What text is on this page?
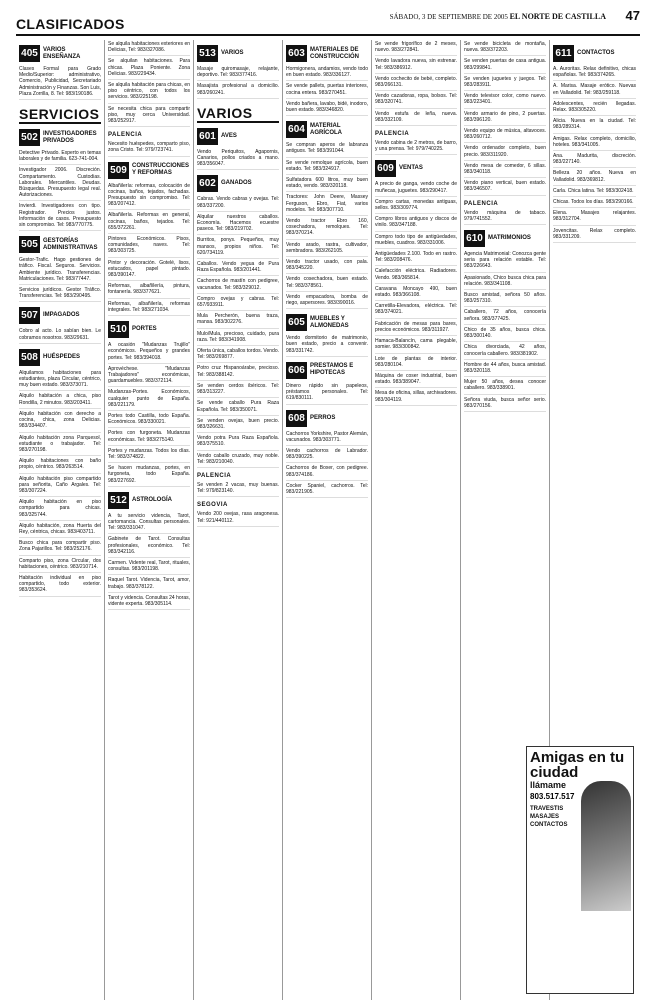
CLASIFICADOS	SÁBADO, 3 DE SEPTIEMBRE DE 2005 EL NORTE DE CASTILLA 47
405 VARIOS ENSEÑANZA
Clases Formal para Grado Medio/Superior: administrativo, Comercio, Publicidad, Secretariado Administración y Finanzas. Son Luis, Plaza Zorrilla, 8. Tel: 983/190186.
SERVICIOS
502 INVESTIGADORES PRIVADOS
Detective Privado. Experto en temas laborales y de familia. 623-741-004.
Investigador 2006. Discreción. Compartamento. Custodias. Laborales. Mercantiles. Deudas. Búsquedas. Presupuesto legal real. Autorizaciones.
Invierdi. Investigadores con tipo. Registrador. Precios justos. Información de casos. Presupuesto sin compromiso. Tel: 983/770775.
505 GESTORÍAS ADMINISTRATIVAS
Gestor-Trafic. Hago gestiones de tráfico. Fiscal. Seguros. Servicios. Ambiente jurídico. Transferencias. Matriculaciones. Tel: 983/77447.
Servicios jurídicos. Gestor Tráfico. Transferencias. Tel: 983/290495.
507 IMPAGADOS
Cobro al acto. Lo sabían bien. Le cobramos nosotros. 983/29631.
508 HUÉSPEDES
Alquilamos habitaciones para estudiantes, plaza Circular, céntrico, muy buen estado. 983/373071.
Alquilo habitación a chica, piso Rondilla, 2 minutos. 983/203411.
Alquilo habitación con derecho a cocina, chica, zona Delicias. 983/334407.
Alquilo habitación zona Parquesol, estudiante o trabajador. Tel: 983/270198.
Alquilo habitaciones con baño propio, céntrico. 983/263514.
Alquilo habitación piso compartido para señorita, Caño Argales. Tel: 983/307224.
Alquilo habitación en piso compartido para chicas. 983/325744.
Alquilo habitación, zona Huerta del Rey, céntrica, chicas. 983/403711.
Busco chica para compartir piso. Zona Pajarillos. Tel: 983/252176.
Comparto piso, zona Circular, dos habitaciones, céntrico. 983/210714.
Habitación individual en piso compartido, todo exterior. 983/353624.
Se alquila habitaciones exteriores en Delicias, Tel: 983/327086.
Se alquilan habitaciones. Para chicas. Plaza Poniente. Zona Delicias. 983/229434.
Se alquila habitación para chicas, en piso céntrico, con todos los servicios. 983/225198.
Se necesita chica para compartir piso, muy cerca Universidad. 983/252917.
PALENCIA
Necesito huéspedes, comparto piso, zona Cristo. Tel: 979/723741.
509 CONSTRUCCIONES Y REFORMAS
Albañilería: reformas, colocación de cocinas, baños, tejados, fachadas. Presupuesto sin compromiso. Tel: 983/207412.
Albañilería. Reformas en general, cocinas, baños, tejados. Tel: 655/372261.
Pintores Económicos. Pisos, comunidades, naves. Tel: 983/303725.
Pintor y decoración. Gotelé, lisos, estucados, papel pintado. 983/390147.
Reformas, albañilería, pintura, fontanería. 983/377621.
Reformas, albañilería, reformas integrales. Tel: 983/271034.
510 PORTES
A ocasión "Mudanzas Trujillo" económicos. Pequeños y grandes portes. Tel: 983/394018.
Aprovéchese. "Mudanzas Trabajadores" económicas, guardamuebles. 983/372114.
Mudanzas-Portes. Económicos, cualquier punto de España. 983/221179.
Portes todo Castilla, todo España. Económicos. 983/330021.
Portes con furgoneta. Mudanzas económicas. Tel: 983/275140.
Portes y mudanzas. Todos los días. Tel: 983/374822.
Se hacen mudanzas, portes, en furgoneta, todo España. 983/227692.
512 ASTROLOGÍA
A tu servicio videncia, Tarot, cartomancia. Consultas personales. Tel: 983/331047.
Gabinete de Tarot. Consultas profesionales, económico. Tel: 983/342116.
Carmen. Vidente real, Tarot, rituales, consultas. 983/201198.
Raquel Tarot. Videncia, Tarot, amor, trabajo. 983/378122.
Tarot y videncia. Consultas 24 horas, vidente experta. 983/305114.
513 VARIOS
Masaje quiromasaje, relajante, deportivo. Tel: 983/377416.
Masajista profesional a domicilio. 983/260241.
VARIOS
601 AVES
Vendo Periquitos, Agapornis, Canarios, pollos criados a mano. 983/356047.
602 GANADOS
Cabras. Vendo cabras y ovejas. Tel: 983/337200.
Alquilar nuestros caballos. Economía. Hacemos ecuestre paseos. Tel: 983/219702.
Burritos, ponys. Pequeños, muy mansos, propios niños. Tel: 620/734119.
Caballos. Vendo yegua de Pura Raza Española. 983/201441.
Cachorros de mastín con pedigree, vacunados. Tel: 983/329012.
Compro ovejas y cabras. Tel: 657/933911.
Mula Percherón, buena traza, mansa. 983/302276.
Mulo/Mula, precioso, cuidado, pura raza. Tel: 983/341908.
Oferta única, caballos tordos. Vendo. Tel: 983/269877.
Potro cruz Hispanoárabe, precioso. Tel: 983/388142.
Se venden cerdos ibéricos. Tel: 983/313227.
Se vende caballo Pura Raza Española. Tel: 983/350071.
Se venden ovejas, buen precio. 983/326631.
Vendo potra Pura Raza Española. 983/375510.
Vendo caballo cruzado, muy noble. Tel: 983/210040.
PALENCIA
Se venden 2 vacas, muy buenas. Tel: 979/823140.
SEGOVIA
Vendo 200 ovejas, rasa aragonesa. Tel: 921/440112.
603 MATERIALES DE CONSTRUCCIÓN
Hormigonera, andamios, vendo todo en buen estado. 983/336127.
Se vende pallets, puertas interiores, cocina entera. 983/270451.
Vendo bañera, lavabo, bidé, inodoro, buen estado. 983/346820.
604 MATERIAL AGRÍCOLA
Se compran aperos de labranza antiguos. Tel: 983/391044.
Se vende remolque agrícola, buen estado. Tel: 983/324917.
Sulfatadora 600 litros, muy buen estado, vendo. 983/320118.
Tractores: John Deere, Massey Ferguson, Ebro, Fiat, varios modelos. Tel: 983/307710.
Vendo tractor Ebro 160, cosechadora, remolques. Tel: 983/370214.
Vendo arado, rastra, cultivador, sembradora. 983/262105.
Vendo tractor usado, con pala. 983/345220.
Vendo cosechadora, buen estado. Tel: 983/378561.
Vendo empacadora, bomba de riego, aspersores. 983/390016.
605 MUEBLES Y ALMONEDAS
Vendo dormitorio de matrimonio, buen estado, precio a convenir. 983/331742.
606 PRESTAMOS E HIPOTECAS
Dinero rápido sin papeleos, préstamos personales. Tel: 619/830111.
608 PERROS
Cachorros Yorkshire, Pastor Alemán, vacunados. 983/303771.
Vendo cachorros de Labrador. 983/390225.
Cachorros de Boxer, con pedigree. 983/374186.
Cocker Spaniel, cachorros. Tel: 983/221905.
Se vende frigorífico de 2 meses, nuevo. 983/272841.
Vendo lavadora nueva, sin estrenar. Tel: 983/386912.
Vendo cochecito de bebé, completo. 983/266131.
Vendo cazadoras, ropa, bolsos. Tel: 983/320741.
Vendo estufa de leña, nueva. 983/332109.
PALENCIA
Vendo cabina de 2 metros, de barro, y una prensa. Tel: 979/740225.
609 VENTAS
A precio de ganga, vendo coche de muñecas, juguetes. 983/290417.
Compro cartas, monedas antiguas, sellos. 983/309774.
Compro libros antiguos y discos de vinilo. 983/347188.
Compro todo tipo de antigüedades, muebles, cuadros. 983/331006.
Antigüedades 2.100. Todo en rastro. Tel: 983/208476.
Calefacción eléctrica. Radiadores. Vendo. 983/365814.
Caravana Moncayo 490, buen estado. 983/366108.
Carretilla-Elevadora, eléctrica. Tel: 983/374021.
Fabricación de mesas para bares, precios económicos. 983/311927.
Hamaca-Balancín, cama plegable, somier. 983/300842.
Lote de plantas de interior. 983/280104.
Máquina de coser industrial, buen estado. 983/389047.
Mesa de oficina, sillas, archivadores. 983/304119.
Se vende bicicleta de montaña, nueva. 983/372203.
Se venden puertas de casa antigua. 983/299841.
Se venden juguetes y juegos. Tel: 983/283911.
Vendo televisor color, como nuevo. 983/223401.
Vendo armario de pino, 2 puertas. 983/396120.
Vendo equipo de música, altavoces. 983/260712.
Vendo ordenador completo, buen precio. 983/311920.
Vendo mesa de comedor, 6 sillas. 983/340118.
Vendo piano vertical, buen estado. 983/346507.
PALENCIA
Vendo máquina de tabaco. 979/741552.
610 MATRIMONIOS
Agencia Matrimonial: Conozca gente seria para relación estable. Tel: 983/226643.
Apasionado, Chico busca chica para relación. 983/341108.
Busco amistad, señora 50 años. 983/257310.
Caballero, 72 años, conocería señora. 983/377425.
Chico de 35 años, busca chica. 983/300140.
Chica divorciada, 42 años, conocería caballero. 983/381902.
Hombre de 44 años, busca amistad. 983/320118.
Mujer 50 años, desea conocer caballero. 983/338901.
Señora viuda, busca señor serio. 983/270156.
611 CONTACTOS
A. Auroritas. Relax definitivo, chicas españolas. Tel: 983/374265.
A. Marisa. Masaje erótico. Nuevas en Valladolid. Tel: 983/259118.
Adolescentes, recién llegadas. Relax. 983/305220.
Alicia. Nueva en la ciudad. Tel: 983/289314.
Amigas. Relax completo, domicilio, hoteles. 983/341005.
Ana. Madurita, discreción. 983/227140.
Belleza 20 años. Nueva en Valladolid. 983/369812.
Carla. Chica latina. Tel: 983/302418.
Chicas. Todos los días. 983/290166.
Elena. Masajes relajantes. 983/312704.
Jovencitas. Relax completo. 983/331209.
Amigas en tu ciudad
llámame
803.517.517
TRAVESTIS
MASAJES
CONTACTOS
